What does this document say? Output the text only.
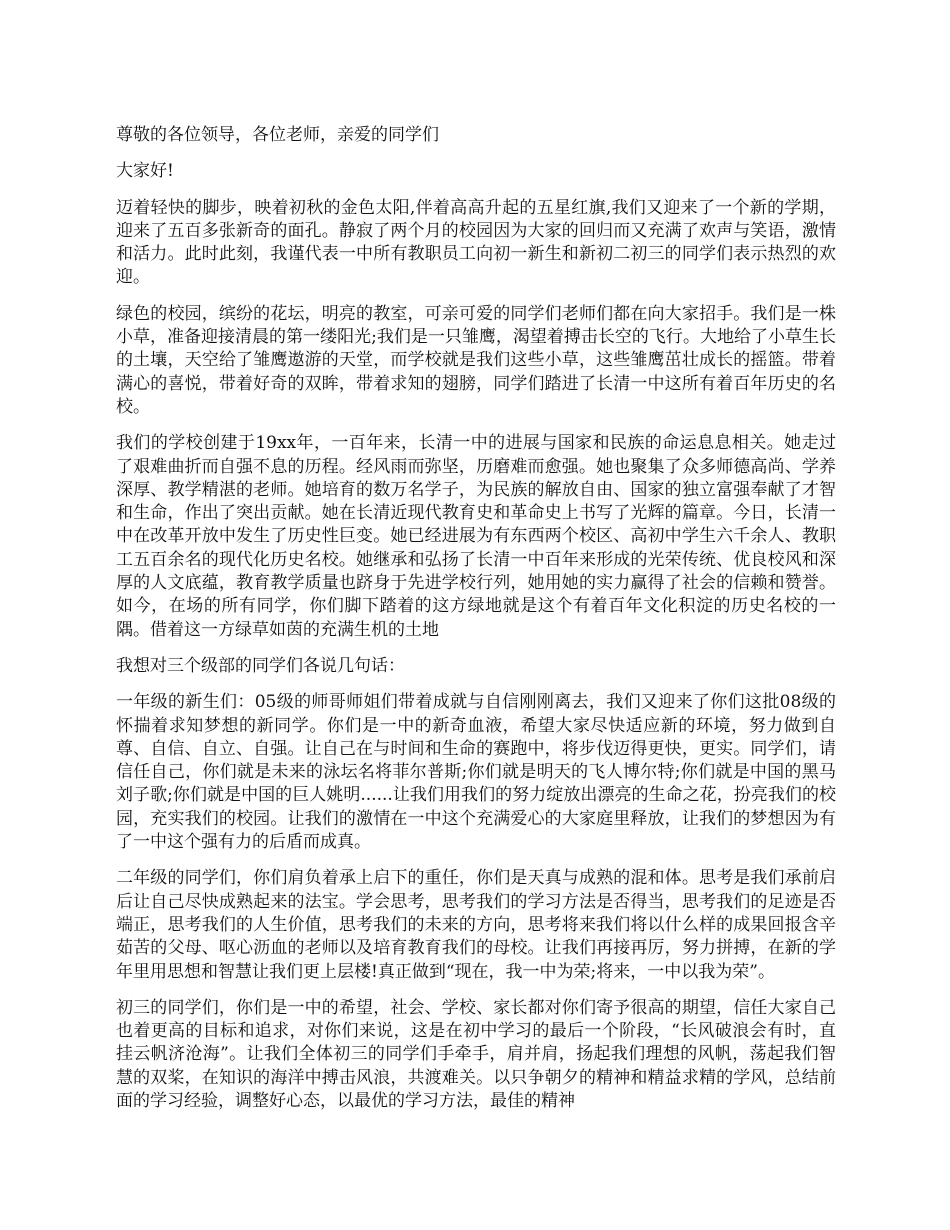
尊敬的各位领导，各位老师，亲爱的同学们

大家好!

迈着轻快的脚步，映着初秋的金色太阳,伴着高高升起的五星红旗,我们又迎来了一个新的学期，迎来了五百多张新奇的面孔。静寂了两个月的校园因为大家的回归而又充满了欢声与笑语，激情和活力。此时此刻，我谨代表一中所有教职员工向初一新生和新初二初三的同学们表示热烈的欢迎。

绿色的校园，缤纷的花坛，明亮的教室，可亲可爱的同学们老师们都在向大家招手。我们是一株小草，准备迎接清晨的第一缕阳光;我们是一只雏鹰，渴望着搏击长空的飞行。大地给了小草生长的土壤，天空给了雏鹰遨游的天堂，而学校就是我们这些小草，这些雏鹰茁壮成长的摇篮。带着满心的喜悦，带着好奇的双眸，带着求知的翅膀，同学们踏进了长清一中这所有着百年历史的名校。

我们的学校创建于19xx年，一百年来，长清一中的进展与国家和民族的命运息息相关。她走过了艰难曲折而自强不息的历程。经风雨而弥坚，历磨难而愈强。她也聚集了众多师德高尚、学养深厚、教学精湛的老师。她培育的数万名学子，为民族的解放自由、国家的独立富强奉献了才智和生命，作出了突出贡献。她在长清近现代教育史和革命史上书写了光辉的篇章。今日，长清一中在改革开放中发生了历史性巨变。她已经进展为有东西两个校区、高初中学生六千余人、教职工五百余名的现代化历史名校。她继承和弘扬了长清一中百年来形成的光荣传统、优良校风和深厚的人文底蕴，教育教学质量也跻身于先进学校行列，她用她的实力赢得了社会的信赖和赞誉。如今，在场的所有同学，你们脚下踏着的这方绿地就是这个有着百年文化积淀的历史名校的一隅。借着这一方绿草如茵的充满生机的土地

我想对三个级部的同学们各说几句话：

一年级的新生们：05级的师哥师姐们带着成就与自信刚刚离去，我们又迎来了你们这批08级的怀揣着求知梦想的新同学。你们是一中的新奇血液，希望大家尽快适应新的环境，努力做到自尊、自信、自立、自强。让自己在与时间和生命的赛跑中，将步伐迈得更快，更实。同学们，请信任自己，你们就是未来的泳坛名将菲尔普斯;你们就是明天的飞人博尔特;你们就是中国的黑马刘子歌;你们就是中国的巨人姚明......让我们用我们的努力绽放出漂亮的生命之花，扮亮我们的校园，充实我们的校园。让我们的激情在一中这个充满爱心的大家庭里释放，让我们的梦想因为有了一中这个强有力的后盾而成真。

二年级的同学们，你们肩负着承上启下的重任，你们是天真与成熟的混和体。思考是我们承前启后让自己尽快成熟起来的法宝。学会思考，思考我们的学习方法是否得当，思考我们的足迹是否端正，思考我们的人生价值，思考我们的未来的方向，思考将来我们将以什么样的成果回报含辛茹苦的父母、呕心沥血的老师以及培育教育我们的母校。让我们再接再厉，努力拼搏，在新的学年里用思想和智慧让我们更上层楼!真正做到“现在，我一中为荣;将来，一中以我为荣”。

初三的同学们，你们是一中的希望，社会、学校、家长都对你们寄予很高的期望，信任大家自己也着更高的目标和追求，对你们来说，这是在初中学习的最后一个阶段，“长风破浪会有时，直挂云帆济沧海”。让我们全体初三的同学们手牵手，肩并肩，扬起我们理想的风帆，荡起我们智慧的双桨，在知识的海洋中搏击风浪，共渡难关。以只争朝夕的精神和精益求精的学风，总结前面的学习经验，调整好心态，以最优的学习方法，最佳的精神
